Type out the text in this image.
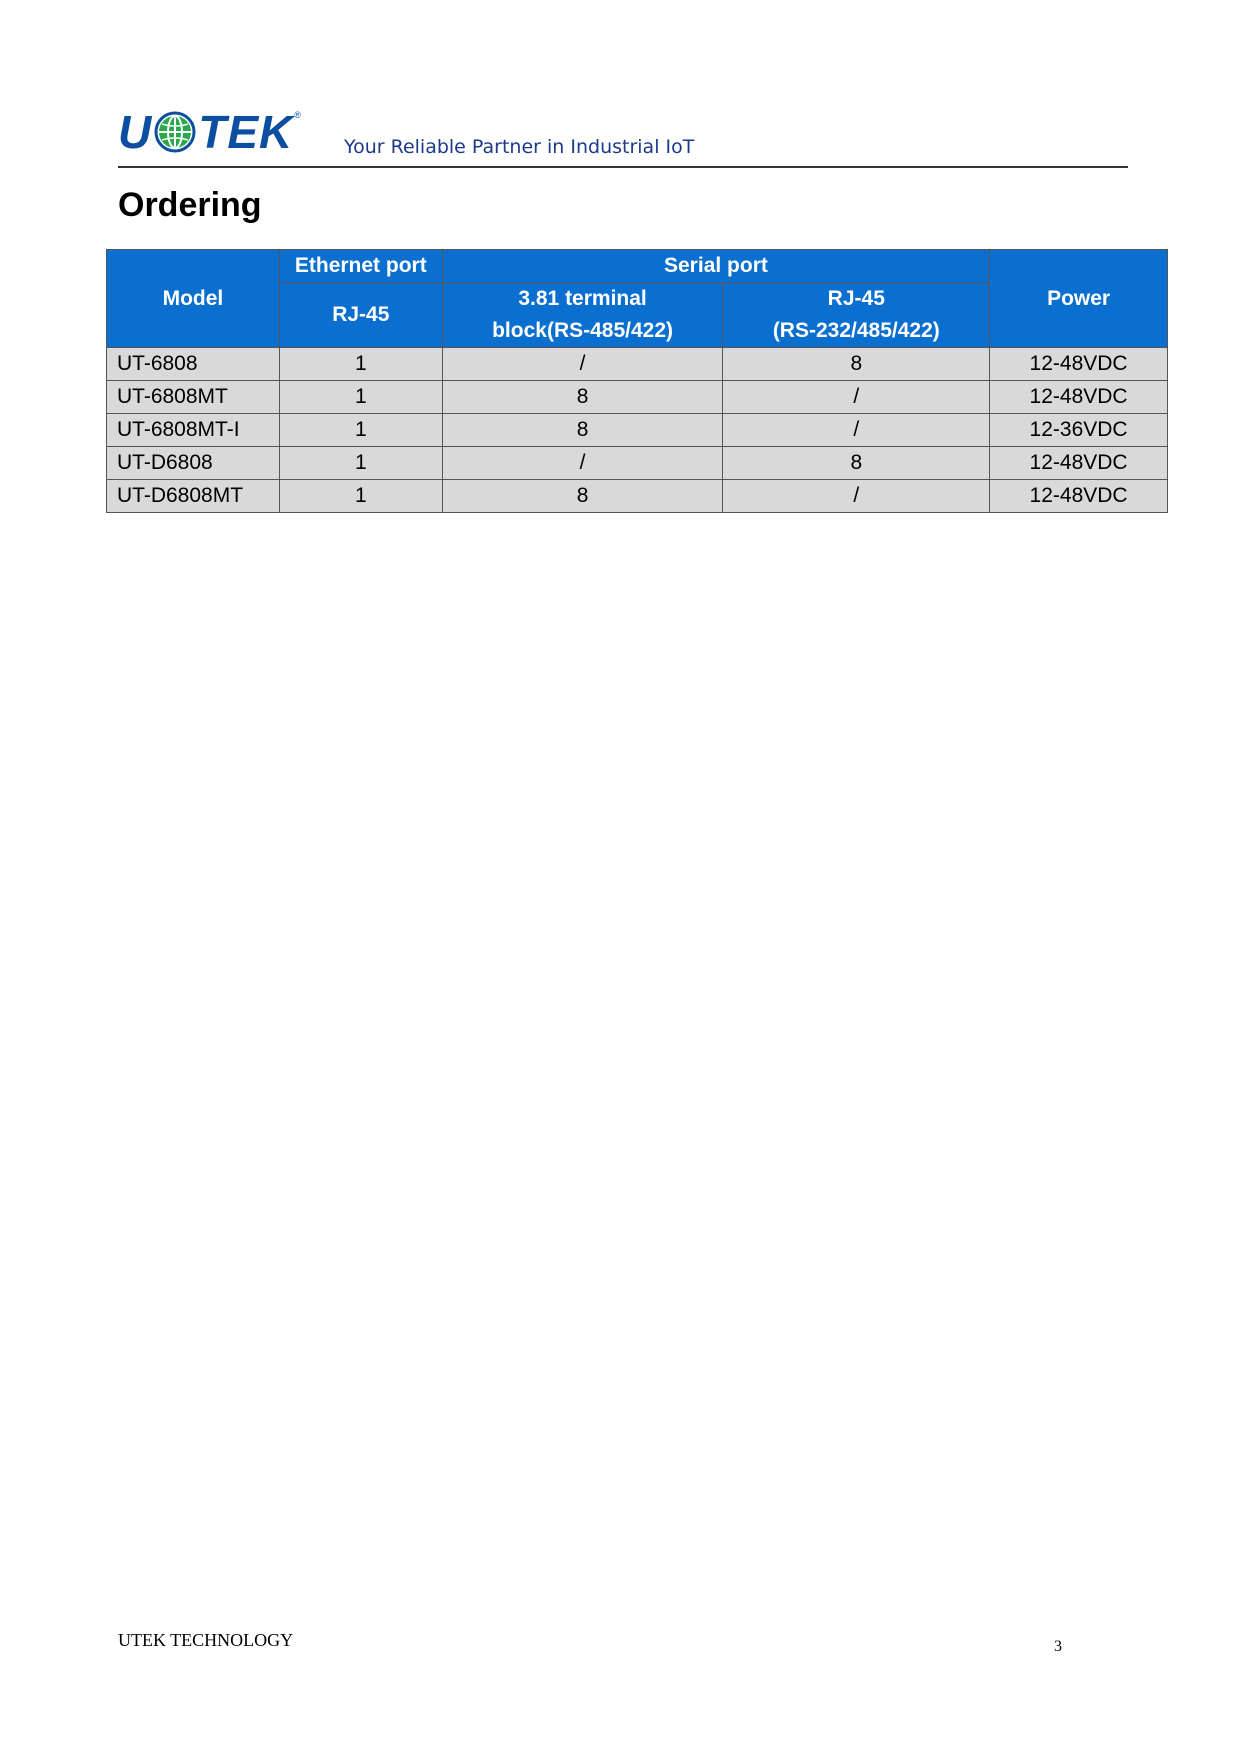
U TEK ®
Your Reliable Partner in Industrial IoT
Ordering
Model	Ethernet port	Serial port		Power
	RJ-45	3.81 terminal	RJ-45	
		block(RS-485/422)	(RS-232/485/422)	
UT-6808	1	/	8	12-48VDC
UT-6808MT	1	8	/	12-48VDC
UT-6808MT-I	1	8	/	12-36VDC
UT-D6808	1	/	8	12-48VDC
UT-D6808MT	1	8	/	12-48VDC
UTEK TECHNOLOGY	3
